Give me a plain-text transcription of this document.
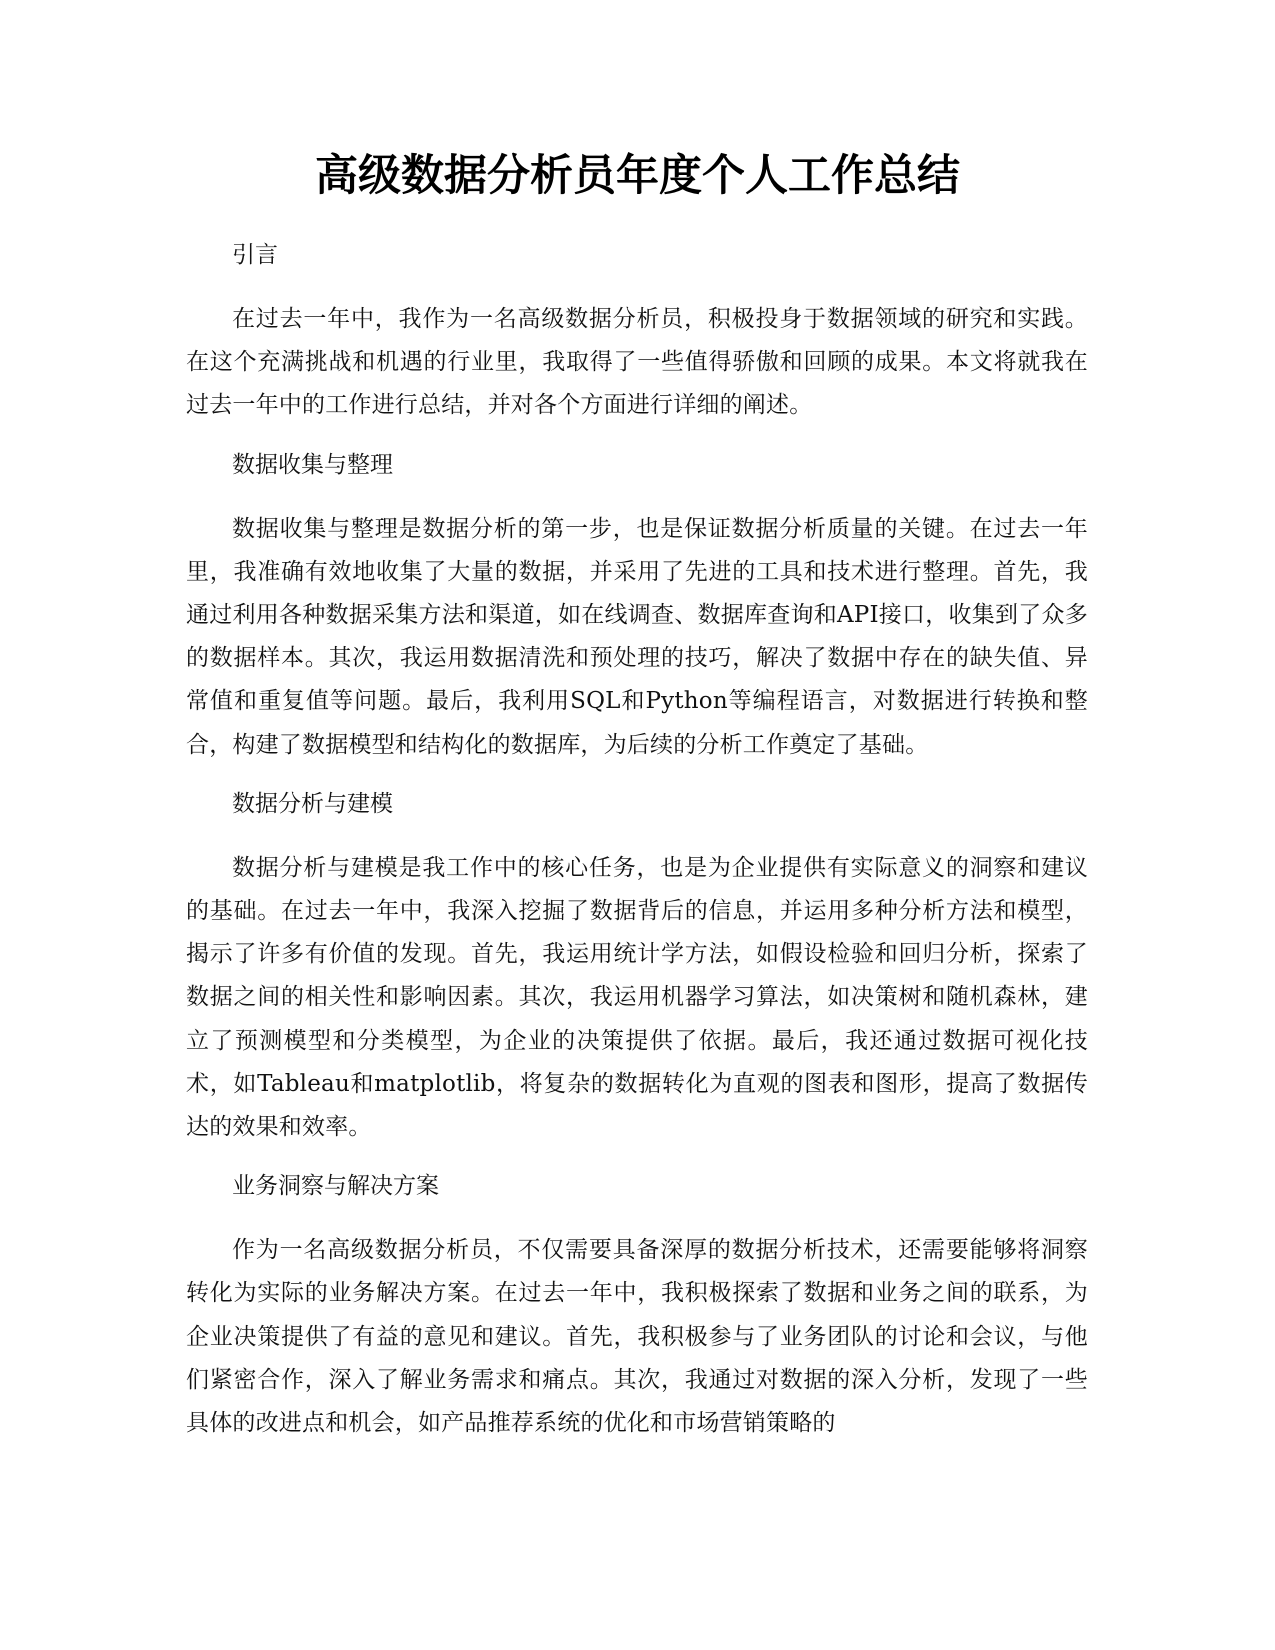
高级数据分析员年度个人工作总结

引言

在过去一年中，我作为一名高级数据分析员，积极投身于数据领域的研究和实践。在这个充满挑战和机遇的行业里，我取得了一些值得骄傲和回顾的成果。本文将就我在过去一年中的工作进行总结，并对各个方面进行详细的阐述。

数据收集与整理

数据收集与整理是数据分析的第一步，也是保证数据分析质量的关键。在过去一年里，我准确有效地收集了大量的数据，并采用了先进的工具和技术进行整理。首先，我通过利用各种数据采集方法和渠道，如在线调查、数据库查询和API接口，收集到了众多的数据样本。其次，我运用数据清洗和预处理的技巧，解决了数据中存在的缺失值、异常值和重复值等问题。最后，我利用SQL和Python等编程语言，对数据进行转换和整合，构建了数据模型和结构化的数据库，为后续的分析工作奠定了基础。

数据分析与建模

数据分析与建模是我工作中的核心任务，也是为企业提供有实际意义的洞察和建议的基础。在过去一年中，我深入挖掘了数据背后的信息，并运用多种分析方法和模型，揭示了许多有价值的发现。首先，我运用统计学方法，如假设检验和回归分析，探索了数据之间的相关性和影响因素。其次，我运用机器学习算法，如决策树和随机森林，建立了预测模型和分类模型，为企业的决策提供了依据。最后，我还通过数据可视化技术，如Tableau和matplotlib，将复杂的数据转化为直观的图表和图形，提高了数据传达的效果和效率。

业务洞察与解决方案

作为一名高级数据分析员，不仅需要具备深厚的数据分析技术，还需要能够将洞察转化为实际的业务解决方案。在过去一年中，我积极探索了数据和业务之间的联系，为企业决策提供了有益的意见和建议。首先，我积极参与了业务团队的讨论和会议，与他们紧密合作，深入了解业务需求和痛点。其次，我通过对数据的深入分析，发现了一些具体的改进点和机会，如产品推荐系统的优化和市场营销策略的
